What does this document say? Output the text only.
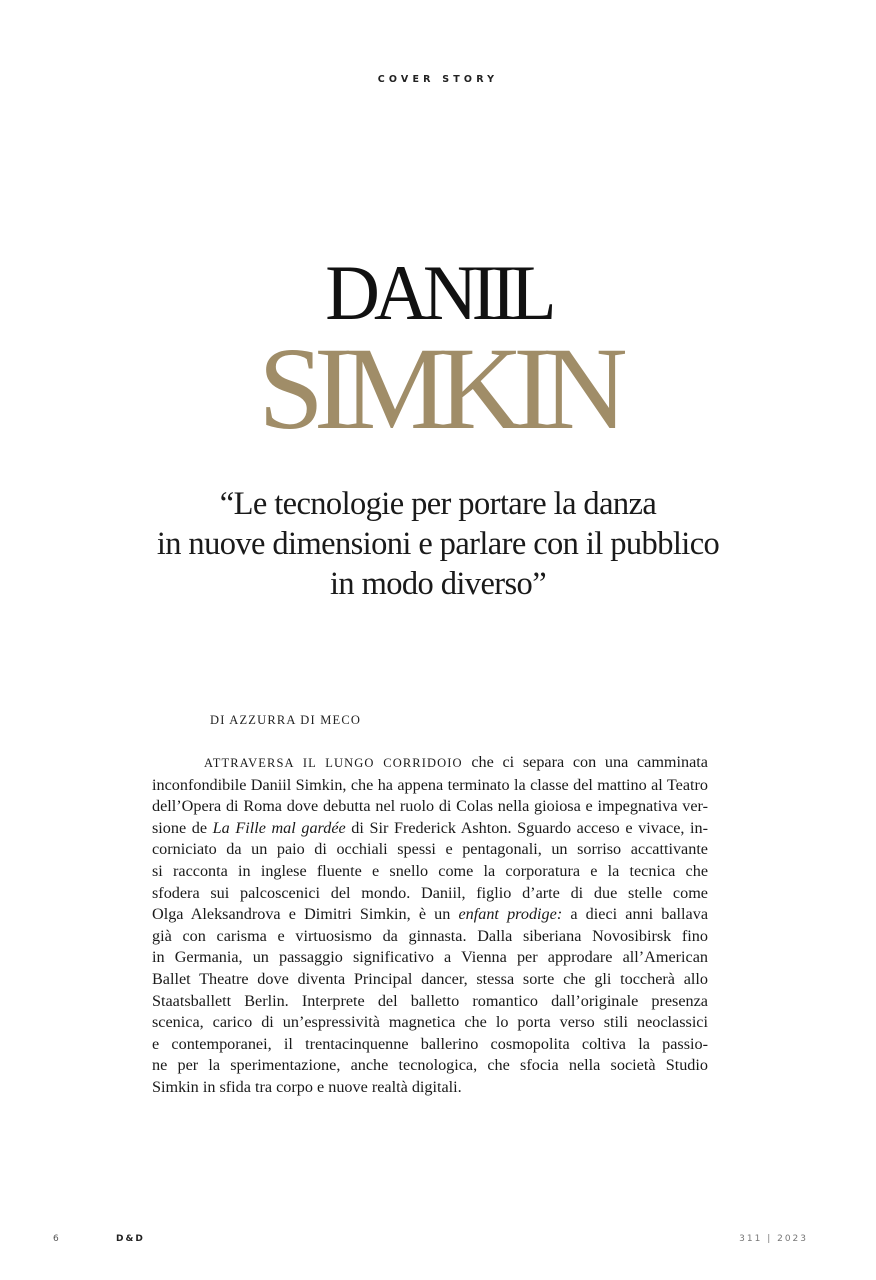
COVER STORY
DANIIL
SIMKIN
“Le tecnologie per portare la danza
in nuove dimensioni e parlare con il pubblico
in modo diverso”
DI AZZURRA DI MECO
ATTRAVERSA IL LUNGO CORRIDOIO che ci separa con una camminata
inconfondibile Daniil Simkin, che ha appena terminato la classe del mattino al Teatro
dell’Opera di Roma dove debutta nel ruolo di Colas nella gioiosa e impegnativa ver-
sione de La Fille mal gardée di Sir Frederick Ashton. Sguardo acceso e vivace, in-
corniciato da un paio di occhiali spessi e pentagonali, un sorriso accattivante
si racconta in inglese fluente e snello come la corporatura e la tecnica che
sfodera sui palcoscenici del mondo. Daniil, figlio d’arte di due stelle come
Olga Aleksandrova e Dimitri Simkin, è un enfant prodige: a dieci anni ballava
già con carisma e virtuosismo da ginnasta. Dalla siberiana Novosibirsk fino
in Germania, un passaggio significativo a Vienna per approdare all’American
Ballet Theatre dove diventa Principal dancer, stessa sorte che gli toccherà allo
Staatsballett Berlin. Interprete del balletto romantico dall’originale presenza
scenica, carico di un’espressività magnetica che lo porta verso stili neoclassici
e contemporanei, il trentacinquenne ballerino cosmopolita coltiva la passio-
ne per la sperimentazione, anche tecnologica, che sfocia nella società Studio
Simkin in sfida tra corpo e nuove realtà digitali.
6	D&D	311 | 2023
